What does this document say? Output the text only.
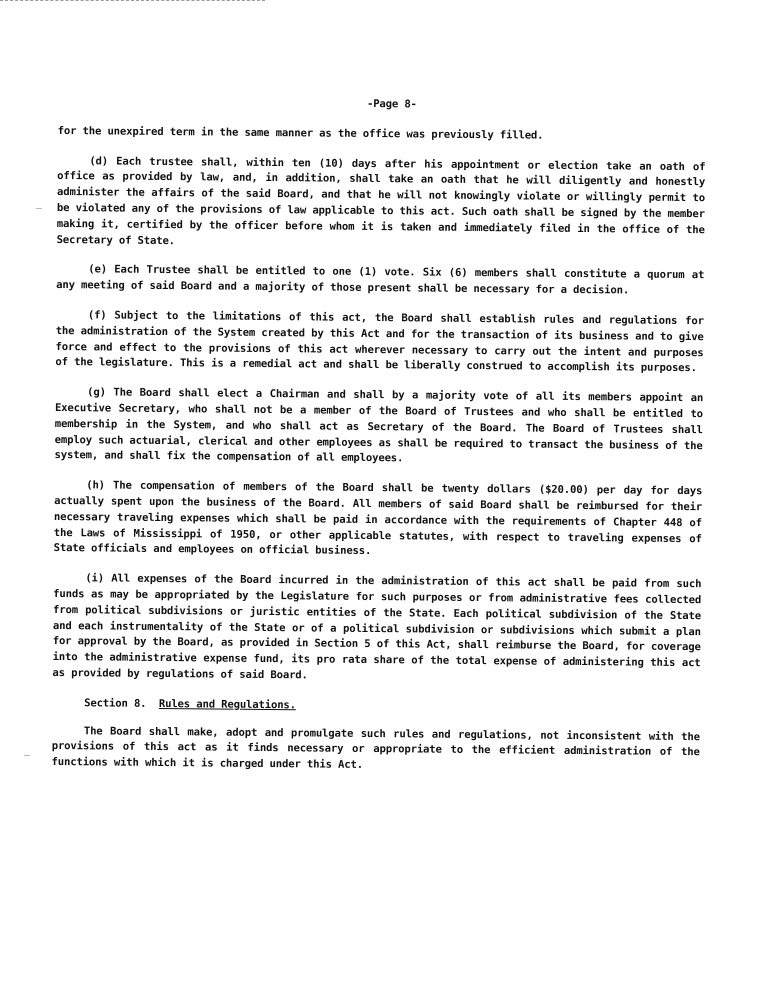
-Page 8-

for the unexpired term in the same manner as the office was previously filled.

(d) Each trustee shall, within ten (10) days after his appointment or election take an oath of office as provided by law, and, in addition, shall take an oath that he will diligently and honestly administer the affairs of the said Board, and that he will not knowingly violate or willingly permit to be violated any of the provisions of law applicable to this act. Such oath shall be signed by the member making it, certified by the officer before whom it is taken and immediately filed in the office of the Secretary of State.

(e) Each Trustee shall be entitled to one (1) vote. Six (6) members shall constitute a quorum at any meeting of said Board and a majority of those present shall be necessary for a decision.

(f) Subject to the limitations of this act, the Board shall establish rules and regulations for the administration of the System created by this Act and for the transaction of its business and to give force and effect to the provisions of this act wherever necessary to carry out the intent and purposes of the legislature. This is a remedial act and shall be liberally construed to accomplish its purposes.

(g) The Board shall elect a Chairman and shall by a majority vote of all its members appoint an Executive Secretary, who shall not be a member of the Board of Trustees and who shall be entitled to membership in the System, and who shall act as Secretary of the Board. The Board of Trustees shall employ such actuarial, clerical and other employees as shall be required to transact the business of the system, and shall fix the compensation of all employees.

(h) The compensation of members of the Board shall be twenty dollars ($20.00) per day for days actually spent upon the business of the Board. All members of said Board shall be reimbursed for their necessary traveling expenses which shall be paid in accordance with the requirements of Chapter 448 of the Laws of Mississippi of 1950, or other applicable statutes, with respect to traveling expenses of State officials and employees on official business.

(i) All expenses of the Board incurred in the administration of this act shall be paid from such funds as may be appropriated by the Legislature for such purposes or from administrative fees collected from political subdivisions or juristic entities of the State. Each political subdivision of the State and each instrumentality of the State or of a political subdivision or subdivisions which submit a plan for approval by the Board, as provided in Section 5 of this Act, shall reimburse the Board, for coverage into the administrative expense fund, its pro rata share of the total expense of administering this act as provided by regulations of said Board.

Section 8. Rules and Regulations.

The Board shall make, adopt and promulgate such rules and regulations, not inconsistent with the provisions of this act as it finds necessary or appropriate to the efficient administration of the functions with which it is charged under this Act.
